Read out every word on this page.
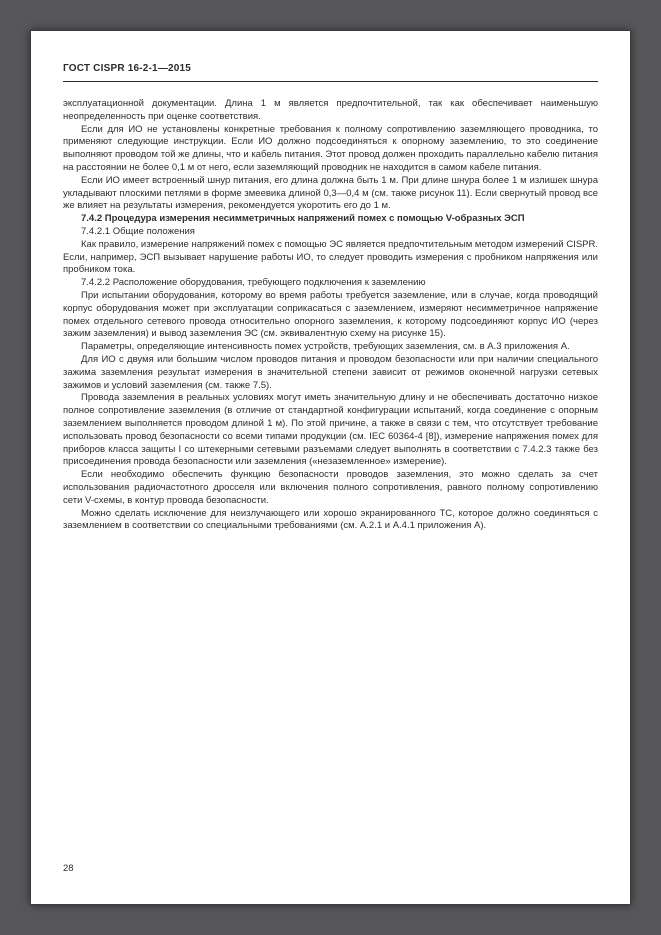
ГОСТ CISPR 16-2-1—2015

эксплуатационной документации. Длина 1 м является предпочтительной, так как обеспечивает наименьшую неопределенность при оценке соответствия.

Если для ИО не установлены конкретные требования к полному сопротивлению заземляющего проводника, то применяют следующие инструкции. Если ИО должно подсоединяться к опорному заземлению, то это соединение выполняют проводом той же длины, что и кабель питания. Этот провод должен проходить параллельно кабелю питания на расстоянии не более 0,1 м от него, если заземляющий проводник не находится в самом кабеле питания.

Если ИО имеет встроенный шнур питания, его длина должна быть 1 м. При длине шнура более 1 м излишек шнура укладывают плоскими петлями в форме змеевика длиной 0,3—0,4 м (см. также рисунок 11). Если свернутый провод все же влияет на результаты измерения, рекомендуется укоротить его до 1 м.

7.4.2 Процедура измерения несимметричных напряжений помех с помощью V-образных ЭСП

7.4.2.1 Общие положения

Как правило, измерение напряжений помех с помощью ЭС является предпочтительным методом измерений CISPR. Если, например, ЭСП вызывает нарушение работы ИО, то следует проводить измерения с пробником напряжения или пробником тока.

7.4.2.2 Расположение оборудования, требующего подключения к заземлению

При испытании оборудования, которому во время работы требуется заземление, или в случае, когда проводящий корпус оборудования может при эксплуатации соприкасаться с заземлением, измеряют несимметричное напряжение помех отдельного сетевого провода относительно опорного заземления, к которому подсоединяют корпус ИО (через зажим заземления) и вывод заземления ЭС (см. эквивалентную схему на рисунке 15).

Параметры, определяющие интенсивность помех устройств, требующих заземления, см. в А.3 приложения А.

Для ИО с двумя или большим числом проводов питания и проводом безопасности или при наличии специального зажима заземления результат измерения в значительной степени зависит от режимов оконечной нагрузки сетевых зажимов и условий заземления (см. также 7.5).

Провода заземления в реальных условиях могут иметь значительную длину и не обеспечивать достаточно низкое полное сопротивление заземления (в отличие от стандартной конфигурации испытаний, когда соединение с опорным заземлением выполняется проводом длиной 1 м). По этой причине, а также в связи с тем, что отсутствует требование использовать провод безопасности со всеми типами продукции (см. IEC 60364-4 [8]), измерение напряжения помех для приборов класса защиты I со штекерными сетевыми разъемами следует выполнять в соответствии с 7.4.2.3 также без присоединения провода безопасности или заземления («незаземленное» измерение).

Если необходимо обеспечить функцию безопасности проводов заземления, это можно сделать за счет использования радиочастотного дросселя или включения полного сопротивления, равного полному сопротивлению сети V-схемы, в контур провода безопасности.

Можно сделать исключение для неизлучающего или хорошо экранированного ТС, которое должно соединяться с заземлением в соответствии со специальными требованиями (см. А.2.1 и А.4.1 приложения А).

28
